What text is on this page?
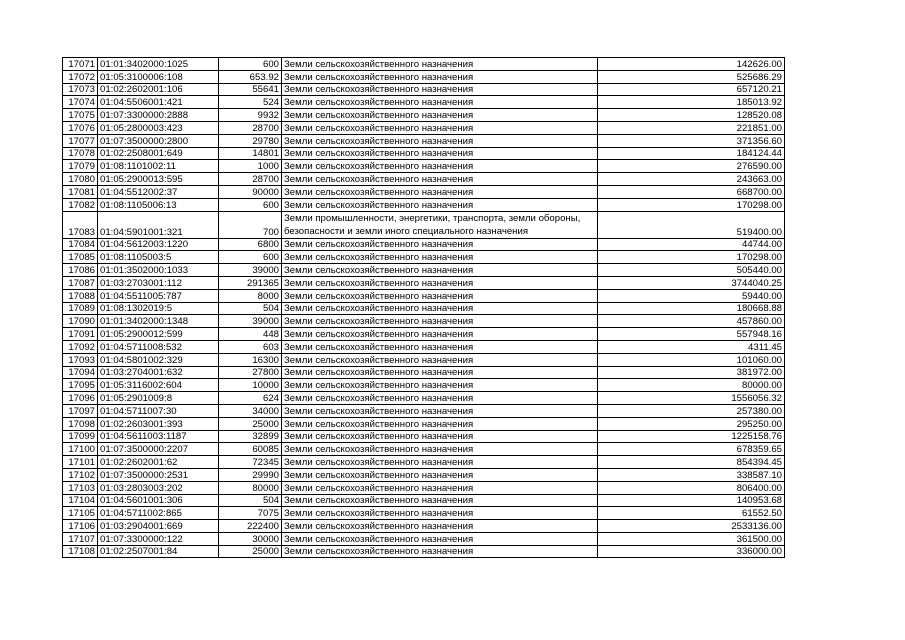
17071	01:01:3402000:1025	600	Земли сельскохозяйственного назначения	142626.00
17072	01:05:3100006:108	653.92	Земли сельскохозяйственного назначения	525686.29
17073	01:02:2602001:106	55641	Земли сельскохозяйственного назначения	657120.21
17074	01:04:5506001:421	524	Земли сельскохозяйственного назначения	185013.92
17075	01:07:3300000:2888	9932	Земли сельскохозяйственного назначения	128520.08
17076	01:05:2800003:423	28700	Земли сельскохозяйственного назначения	221851.00
17077	01:07:3500000:2800	29780	Земли сельскохозяйственного назначения	371356.60
17078	01:02:2508001:649	14801	Земли сельскохозяйственного назначения	184124.44
17079	01:08:1101002:11	1000	Земли сельскохозяйственного назначения	276590.00
17080	01:05:2900013:595	28700	Земли сельскохозяйственного назначения	243663.00
17081	01:04:5512002:37	90000	Земли сельскохозяйственного назначения	668700.00
17082	01:08:1105006:13	600	Земли сельскохозяйственного назначения	170298.00
17083	01:04:5901001:321	700	Земли промышленности, энергетики, транспорта, земли обороны, безопасности и земли иного специального назначения	519400.00
17084	01:04:5612003:1220	6800	Земли сельскохозяйственного назначения	44744.00
17085	01:08:1105003:5	600	Земли сельскохозяйственного назначения	170298.00
17086	01:01:3502000:1033	39000	Земли сельскохозяйственного назначения	505440.00
17087	01:03:2703001:112	291365	Земли сельскохозяйственного назначения	3744040.25
17088	01:04:5511005:787	8000	Земли сельскохозяйственного назначения	59440.00
17089	01:08:1302019:5	504	Земли сельскохозяйственного назначения	180668.88
17090	01:01:3402000:1348	39000	Земли сельскохозяйственного назначения	457860.00
17091	01:05:2900012:599	448	Земли сельскохозяйственного назначения	557948.16
17092	01:04:5711008:532	603	Земли сельскохозяйственного назначения	4311.45
17093	01:04:5801002:329	16300	Земли сельскохозяйственного назначения	101060.00
17094	01:03:2704001:632	27800	Земли сельскохозяйственного назначения	381972.00
17095	01:05:3116002:604	10000	Земли сельскохозяйственного назначения	80000.00
17096	01:05:2901009:8	624	Земли сельскохозяйственного назначения	1556056.32
17097	01:04:5711007:30	34000	Земли сельскохозяйственного назначения	257380.00
17098	01:02:2603001:393	25000	Земли сельскохозяйственного назначения	295250.00
17099	01:04:5611003:1187	32899	Земли сельскохозяйственного назначения	1225158.76
17100	01:07:3500000:2207	60085	Земли сельскохозяйственного назначения	678359.65
17101	01:02:2602001:62	72345	Земли сельскохозяйственного назначения	854394.45
17102	01:07:3500000:2531	29990	Земли сельскохозяйственного назначения	338587.10
17103	01:03:2803003:202	80000	Земли сельскохозяйственного назначения	806400.00
17104	01:04:5601001:306	504	Земли сельскохозяйственного назначения	140953.68
17105	01:04:5711002:865	7075	Земли сельскохозяйственного назначения	61552.50
17106	01:03:2904001:669	222400	Земли сельскохозяйственного назначения	2533136.00
17107	01:07:3300000:122	30000	Земли сельскохозяйственного назначения	361500.00
17108	01:02:2507001:84	25000	Земли сельскохозяйственного назначения	336000.00
